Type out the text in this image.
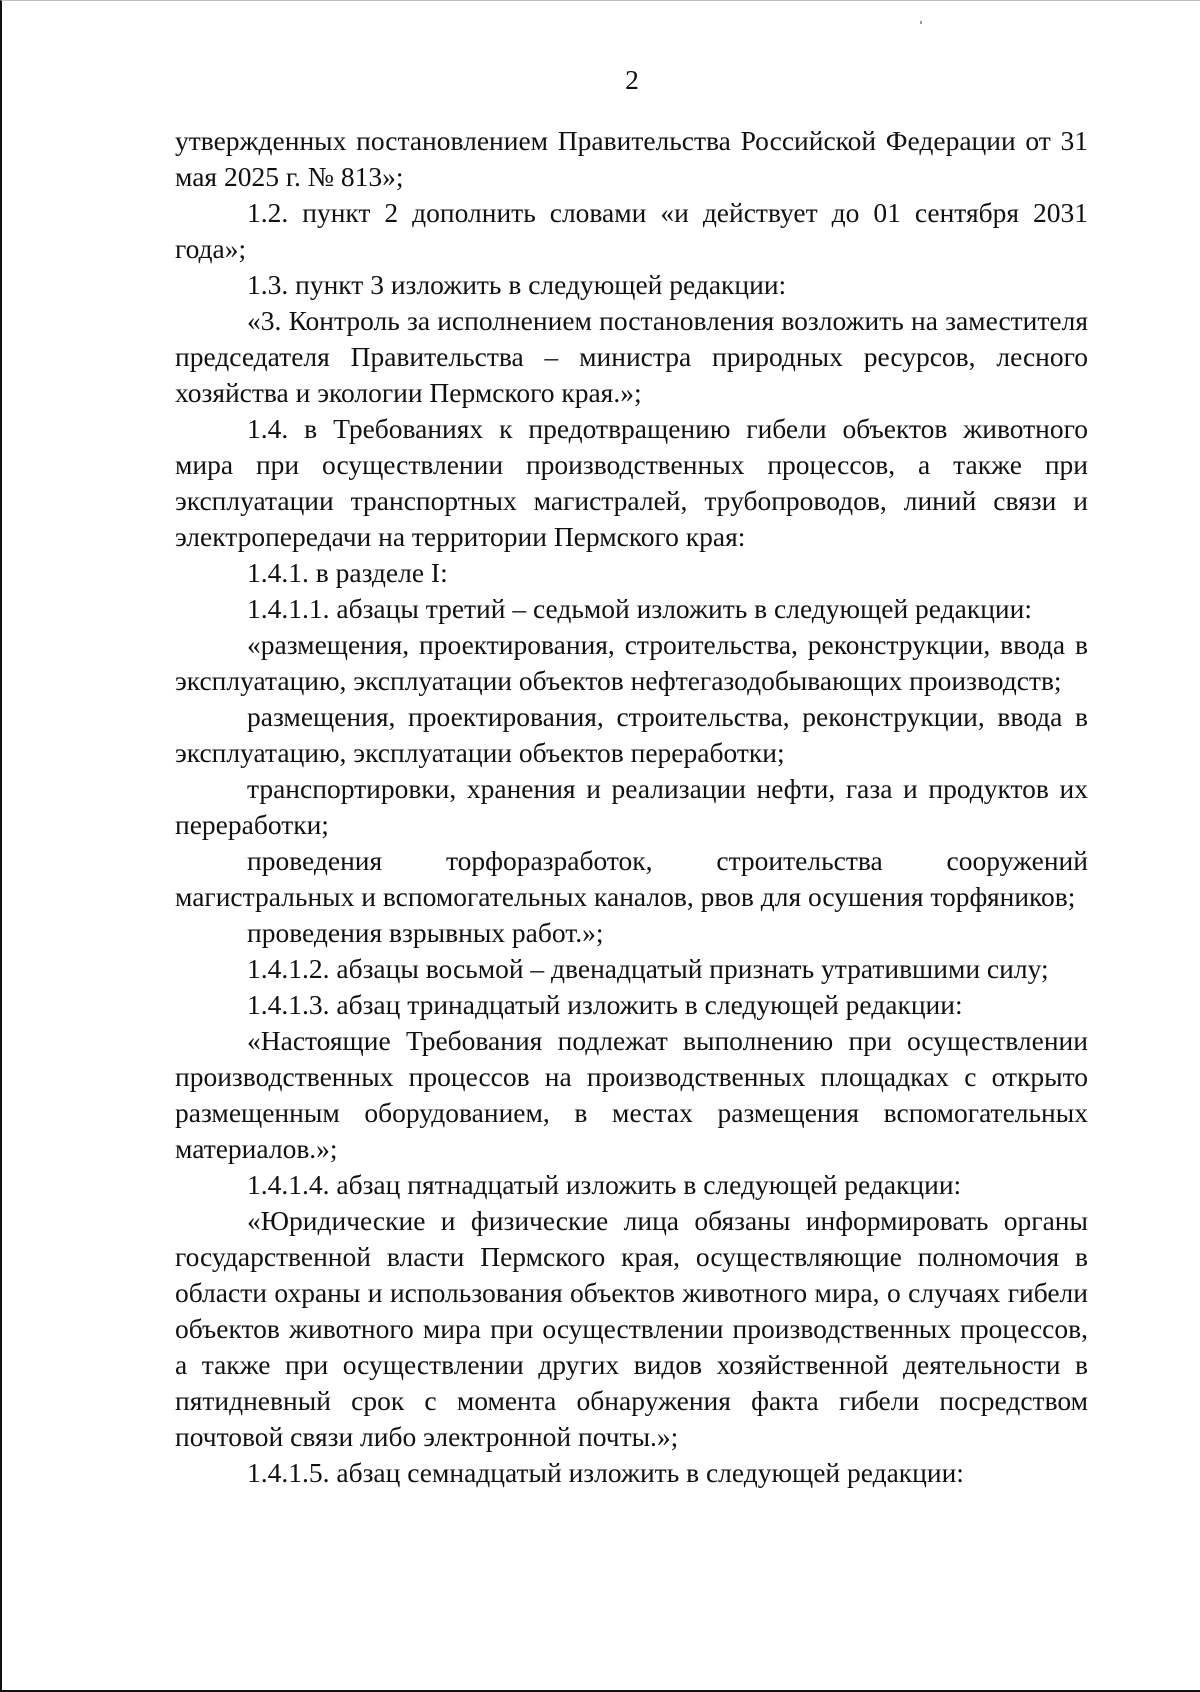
2

утвержденных постановлением Правительства Российской Федерации от 31 мая 2025 г. № 813»;

1.2. пункт 2 дополнить словами «и действует до 01 сентября 2031 года»;

1.3. пункт 3 изложить в следующей редакции:

«3. Контроль за исполнением постановления возложить на заместителя председателя Правительства – министра природных ресурсов, лесного хозяйства и экологии Пермского края.»;

1.4. в Требованиях к предотвращению гибели объектов животного мира при осуществлении производственных процессов, а также при эксплуатации транспортных магистралей, трубопроводов, линий связи и электропередачи на территории Пермского края:

1.4.1. в разделе I:

1.4.1.1. абзацы третий – седьмой изложить в следующей редакции:

«размещения, проектирования, строительства, реконструкции, ввода в эксплуатацию, эксплуатации объектов нефтегазодобывающих производств;

размещения, проектирования, строительства, реконструкции, ввода в эксплуатацию, эксплуатации объектов переработки;

транспортировки, хранения и реализации нефти, газа и продуктов их переработки;

проведения торфоразработок, строительства сооружений

магистральных и вспомогательных каналов, рвов для осушения торфяников;

проведения взрывных работ.»;

1.4.1.2. абзацы восьмой – двенадцатый признать утратившими силу;

1.4.1.3. абзац тринадцатый изложить в следующей редакции:

«Настоящие Требования подлежат выполнению при осуществлении производственных процессов на производственных площадках с открыто размещенным оборудованием, в местах размещения вспомогательных материалов.»;

1.4.1.4. абзац пятнадцатый изложить в следующей редакции:

«Юридические и физические лица обязаны информировать органы государственной власти Пермского края, осуществляющие полномочия в области охраны и использования объектов животного мира, о случаях гибели объектов животного мира при осуществлении производственных процессов, а также при осуществлении других видов хозяйственной деятельности в пятидневный срок с момента обнаружения факта гибели посредством почтовой связи либо электронной почты.»;

1.4.1.5. абзац семнадцатый изложить в следующей редакции:
